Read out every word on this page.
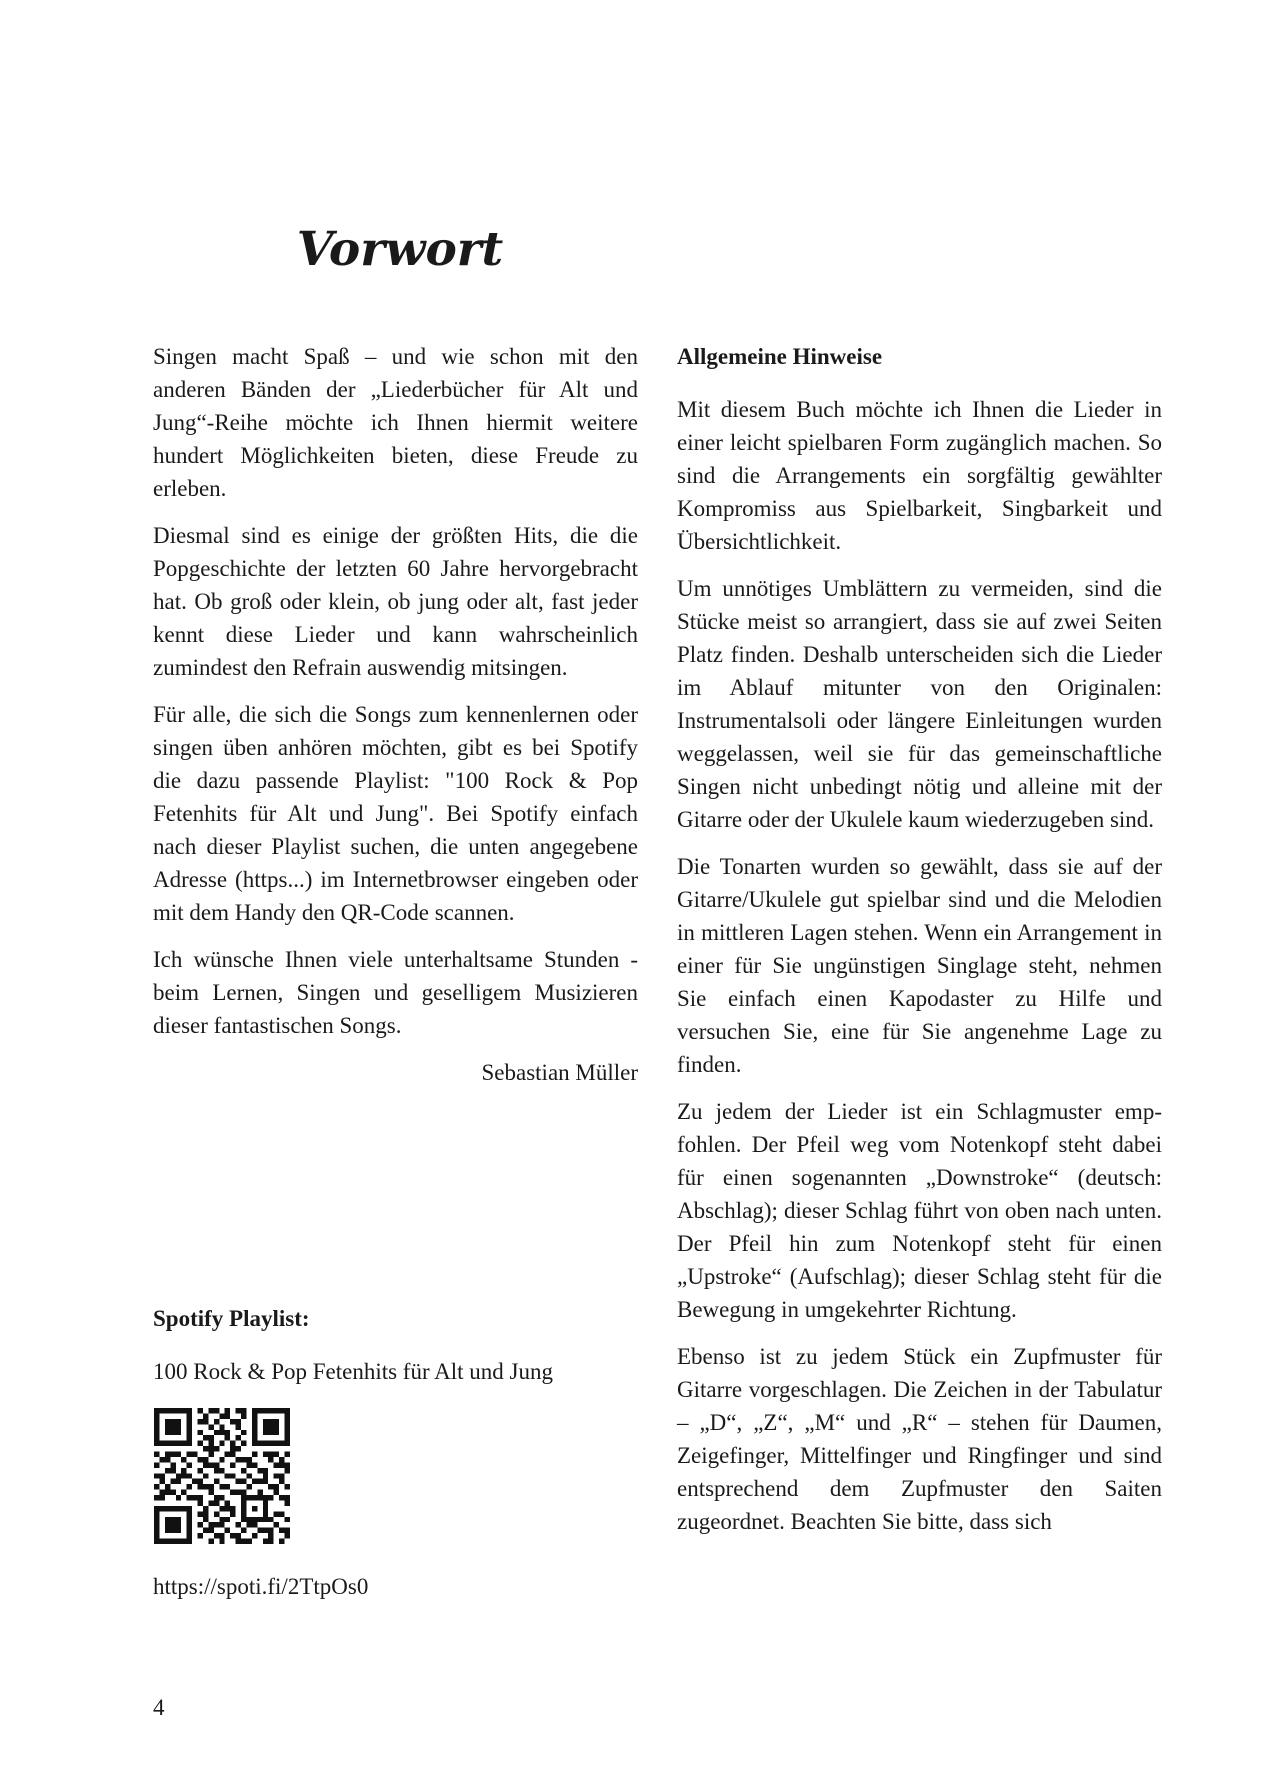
Vorwort

Singen macht Spaß – und wie schon mit den anderen Bänden der „Liederbücher für Alt und Jung“-Reihe möchte ich Ihnen hiermit weitere hundert Möglichkeiten bieten, diese Freude zu erleben.

Diesmal sind es einige der größten Hits, die die Popgeschichte der letzten 60 Jahre hervorgebracht hat. Ob groß oder klein, ob jung oder alt, fast jeder kennt diese Lieder und kann wahrscheinlich zumindest den Refrain auswendig mitsingen.

Für alle, die sich die Songs zum kennenlernen oder singen üben anhören möchten, gibt es bei Spotify die dazu passende Playlist: "100 Rock & Pop Fetenhits für Alt und Jung". Bei Spotify einfach nach dieser Playlist suchen, die unten angegebene Adresse (https...) im Internetbrowser eingeben oder mit dem Handy den QR-Code scannen.

Ich wünsche Ihnen viele unterhaltsame Stunden - beim Lernen, Singen und geselligem Musizieren dieser fantastischen Songs.

Sebastian Müller

Spotify Playlist:

100 Rock & Pop Fetenhits für Alt und Jung

https://spoti.fi/2TtpOs0

Allgemeine Hinweise

Mit diesem Buch möchte ich Ihnen die Lieder in einer leicht spielbaren Form zugänglich machen. So sind die Arrangements ein sorgfältig gewählter Kompromiss aus Spielbarkeit, Singbarkeit und Übersichtlichkeit.

Um unnötiges Umblättern zu vermeiden, sind die Stücke meist so arrangiert, dass sie auf zwei Seiten Platz finden. Deshalb unterscheiden sich die Lieder im Ablauf mitunter von den Originalen: Instrumentalsoli oder längere Einleitungen wurden weggelassen, weil sie für das gemeinschaftliche Singen nicht unbedingt nötig und alleine mit der Gitarre oder der Ukulele kaum wiederzugeben sind.

Die Tonarten wurden so gewählt, dass sie auf der Gitarre/Ukulele gut spielbar sind und die Melodien in mittleren Lagen stehen. Wenn ein Arrangement in einer für Sie ungünstigen Singlage steht, nehmen Sie einfach einen Kapodaster zu Hilfe und versuchen Sie, eine für Sie angenehme Lage zu finden.

Zu jedem der Lieder ist ein Schlagmuster empfohlen. Der Pfeil weg vom Notenkopf steht dabei für einen sogenannten „Downstroke“ (deutsch: Abschlag); dieser Schlag führt von oben nach unten. Der Pfeil hin zum Notenkopf steht für einen „Upstroke“ (Aufschlag); dieser Schlag steht für die Bewegung in umgekehrter Richtung.

Ebenso ist zu jedem Stück ein Zupfmuster für Gitarre vorgeschlagen. Die Zeichen in der Tabulatur – „D“, „Z“, „M“ und „R“ – stehen für Daumen, Zeigefinger, Mittelfinger und Ringfinger und sind entsprechend dem Zupfmuster den Saiten zugeordnet. Beachten Sie bitte, dass sich

4
